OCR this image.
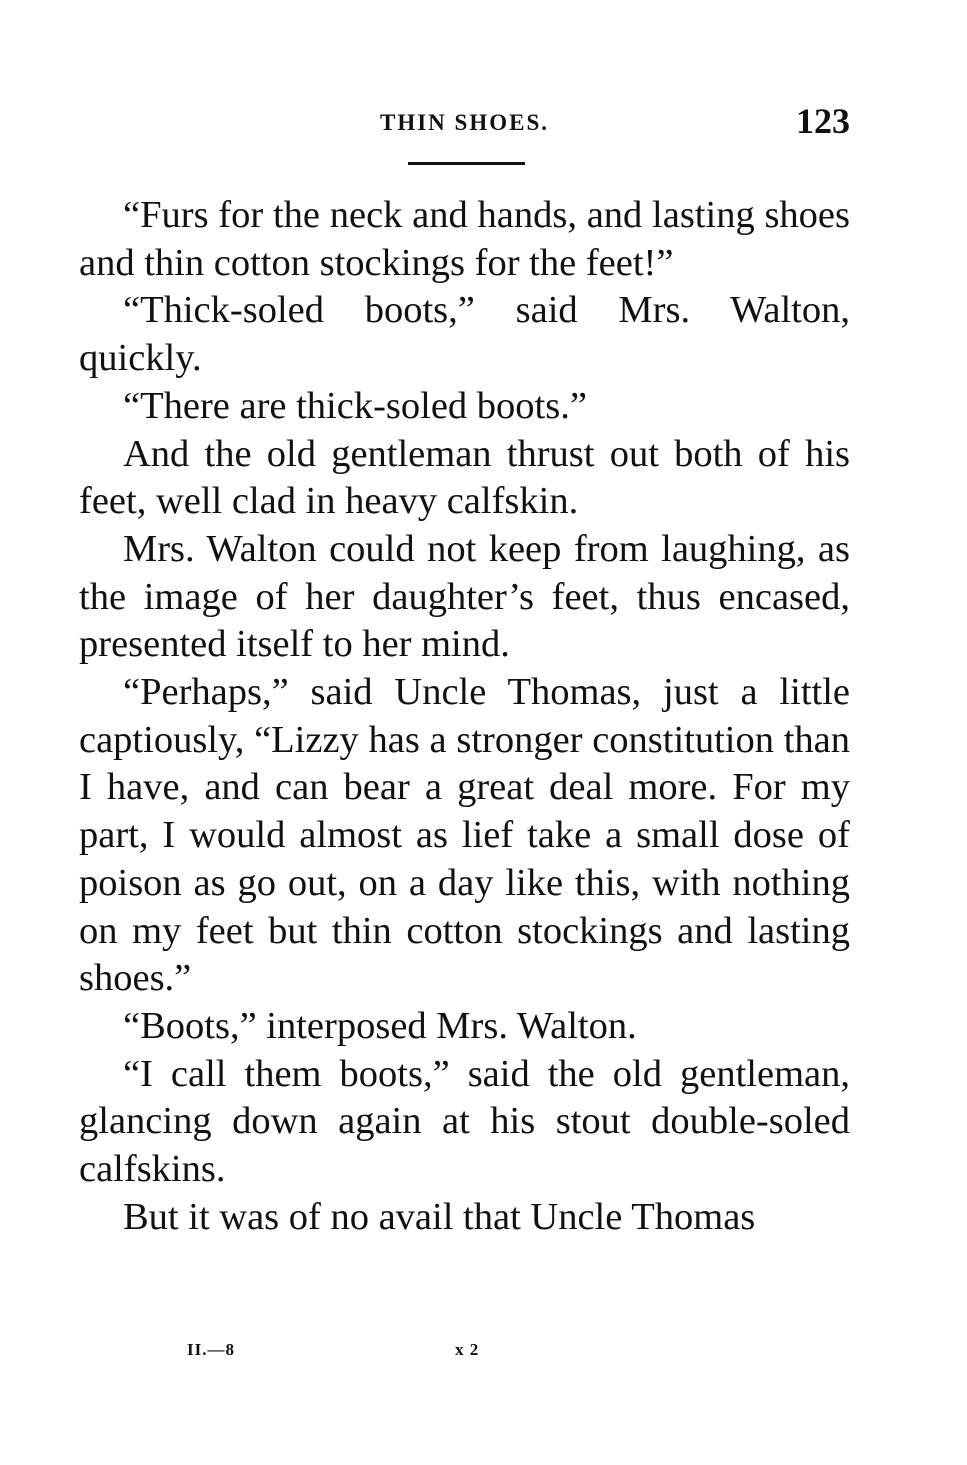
THIN SHOES.	123

“Furs for the neck and hands, and lasting shoes and thin cotton stockings for the feet!”

“Thick-soled boots,” said Mrs. Walton, quickly.

“There are thick-soled boots.”

And the old gentleman thrust out both of his feet, well clad in heavy calfskin.

Mrs. Walton could not keep from laughing, as the image of her daughter’s feet, thus encased, presented itself to her mind.

“Perhaps,” said Uncle Thomas, just a little captiously, “Lizzy has a stronger constitution than I have, and can bear a great deal more. For my part, I would almost as lief take a small dose of poison as go out, on a day like this, with nothing on my feet but thin cotton stockings and lasting shoes.”

“Boots,” interposed Mrs. Walton.

“I call them boots,” said the old gentleman, glancing down again at his stout double-soled calfskins.

But it was of no avail that Uncle Thomas

II.—8	x 2
